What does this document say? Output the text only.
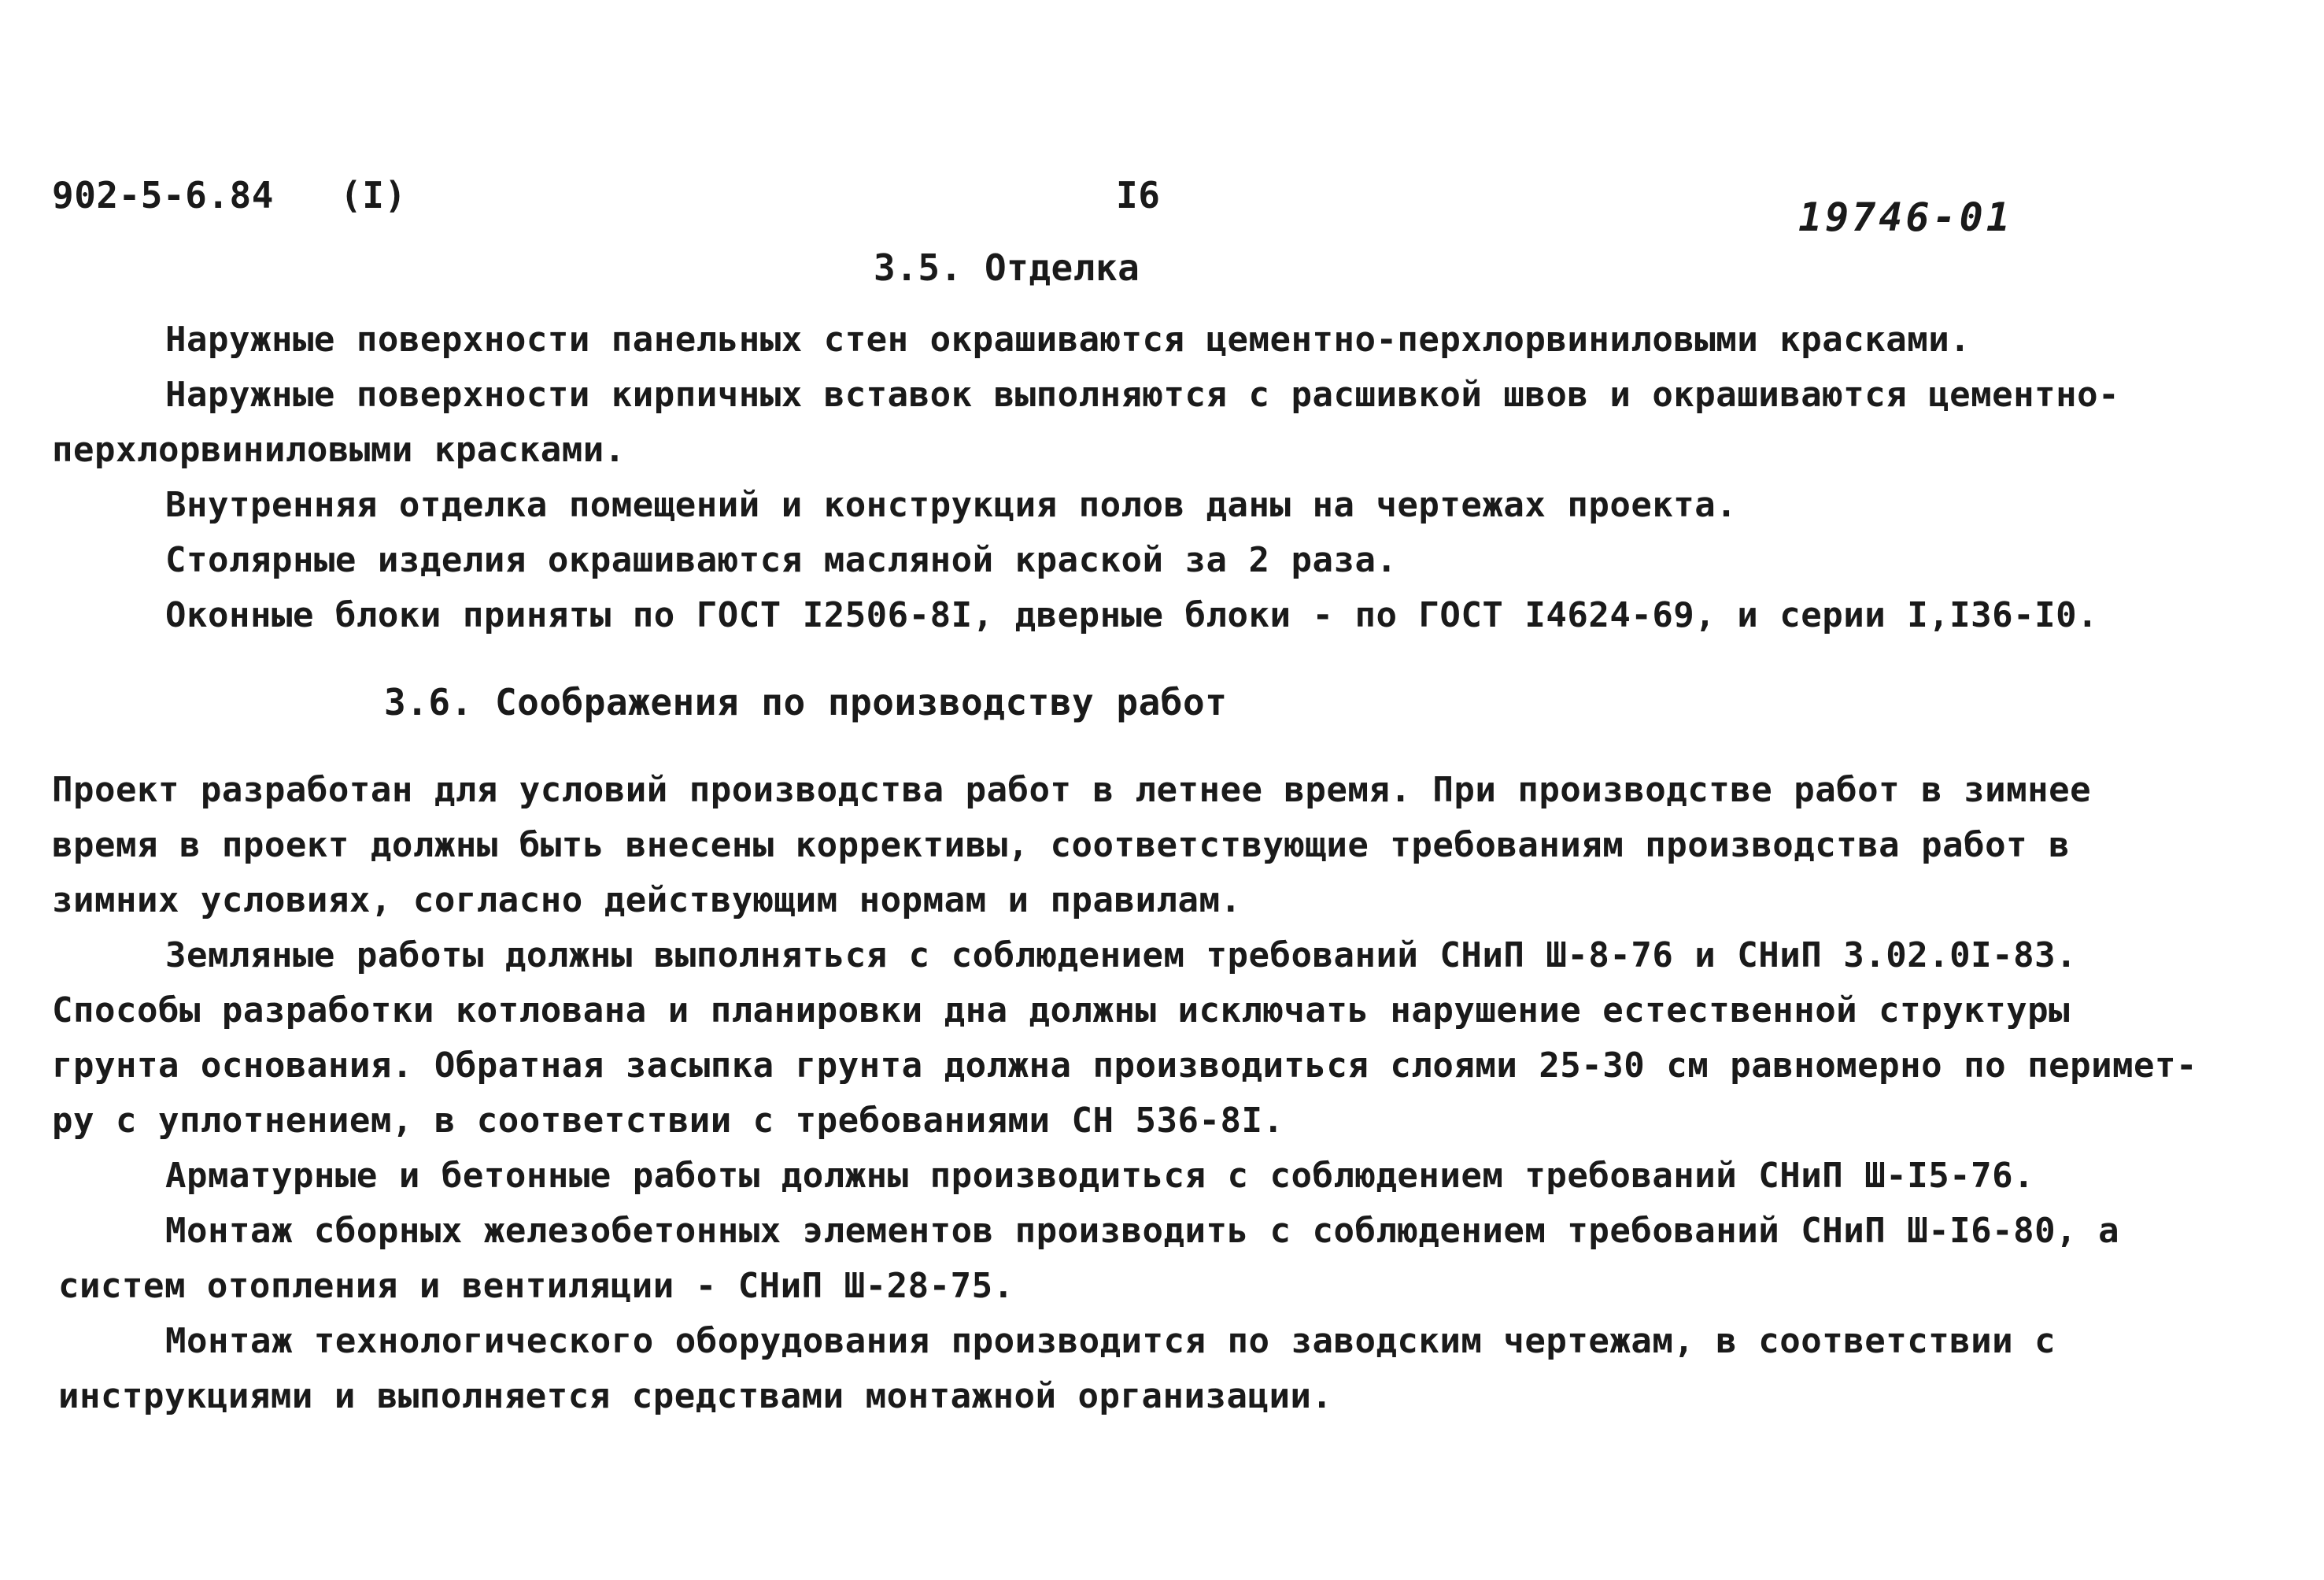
902-5-6.84 (I)	I6	19746-01
3.5. Отделка
Наружные поверхности панельных стен окрашиваются цементно-перхлорвиниловыми красками.
Наружные поверхности кирпичных вставок выполняются с расшивкой швов и окрашиваются цементно-
перхлорвиниловыми красками.
Внутренняя отделка помещений и конструкция полов даны на чертежах проекта.
Столярные изделия окрашиваются масляной краской за 2 раза.
Оконные блоки приняты по ГОСТ I2506-8I, дверные блоки - по ГОСТ I4624-69, и серии I,I36-I0.
3.6. Соображения по производству работ
Проект разработан для условий производства работ в летнее время. При производстве работ в зимнее
время в проект должны быть внесены коррективы, соответствующие требованиям производства работ в
зимних условиях, согласно действующим нормам и правилам.
Земляные работы должны выполняться с соблюдением требований СНиП Ш-8-76 и СНиП 3.02.0I-83.
Способы разработки котлована и планировки дна должны исключать нарушение естественной структуры
грунта основания. Обратная засыпка грунта должна производиться слоями 25-30 см равномерно по перимет-
ру с уплотнением, в соответствии с требованиями СН 536-8I.
Арматурные и бетонные работы должны производиться с соблюдением требований СНиП Ш-I5-76.
Монтаж сборных железобетонных элементов производить с соблюдением требований СНиП Ш-I6-80, а
систем отопления и вентиляции - СНиП Ш-28-75.
Монтаж технологического оборудования производится по заводским чертежам, в соответствии с
инструкциями и выполняется средствами монтажной организации.
